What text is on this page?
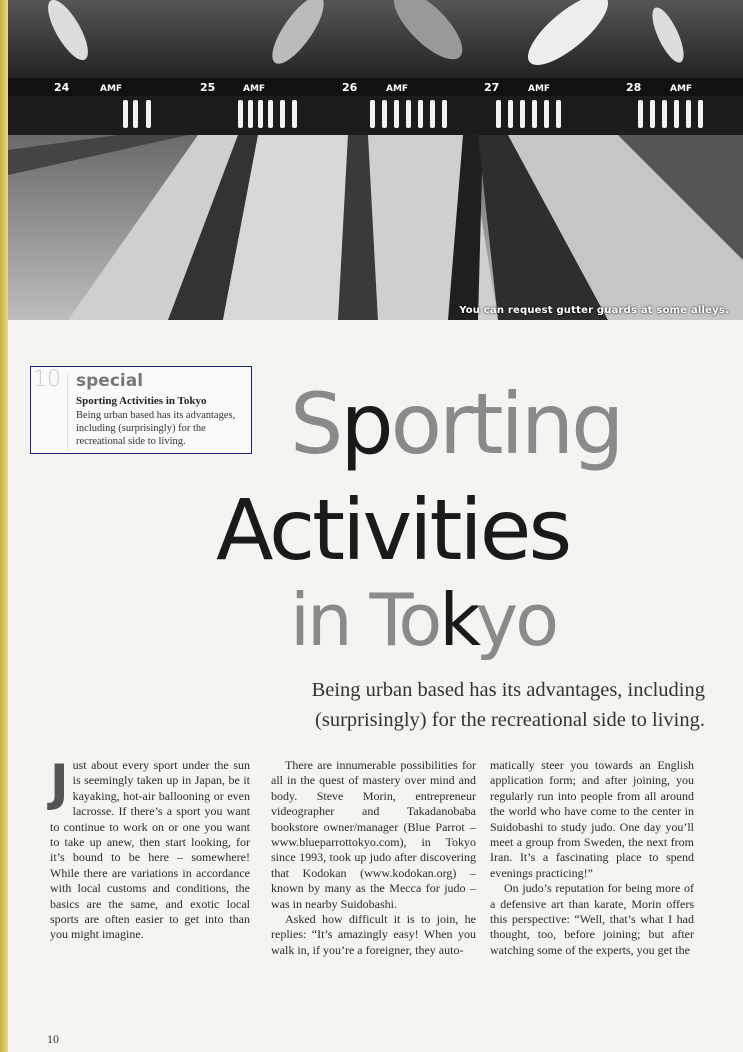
24	AMF	25	AMF	26	AMF	27	AMF	28	AMF
You can request gutter guards at some alleys.
10 special
Sporting Activities in Tokyo
Being urban based has its advantages, including (surprisingly) for the recreational side to living.	Sporting
Activities
in Tokyo
Being urban based has its advantages, including
(surprisingly) for the recreational side to living.
J ust about every sport under the sun is seemingly taken up in Japan, be it kayaking, hot-air ballooning or even lacrosse. If there’s a sport you want to continue to work on or one you want to take up anew, then start looking, for it’s bound to be here – somewhere! While there are variations in accordance with local customs and conditions, the basics are the same, and exotic local sports are often easier to get into than you might imagine.

There are innumerable possibilities for all in the quest of mastery over mind and body. Steve Morin, entrepreneur videographer and Takadanobaba bookstore owner/manager (Blue Parrot – www.blueparrottokyo.com), in Tokyo since 1993, took up judo after discovering that Kodokan (www.kodokan.org) – known by many as the Mecca for judo – was in nearby Suidobashi.

Asked how difficult it is to join, he replies: “It’s amazingly easy! When you walk in, if you’re a foreigner, they auto-

matically steer you towards an English application form; and after joining, you regularly run into people from all around the world who have come to the center in Suidobashi to study judo. One day you’ll meet a group from Sweden, the next from Iran. It’s a fascinating place to spend evenings practicing!”

On judo’s reputation for being more of a defensive art than karate, Morin offers this perspective: “Well, that’s what I had thought, too, before joining; but after watching some of the experts, you get the

10
